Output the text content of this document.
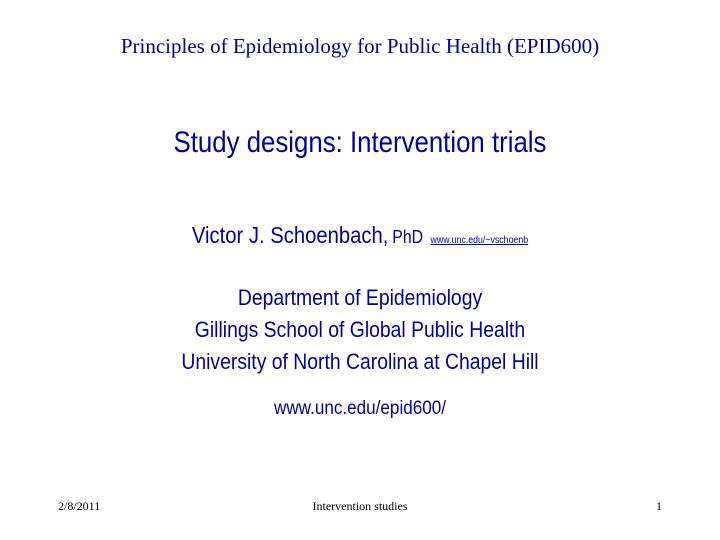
Principles of Epidemiology for Public Health (EPID600)
Study designs: Intervention trials
Victor J. Schoenbach, PhD www.unc.edu/~vschoenb
Department of Epidemiology
Gillings School of Global Public Health
University of North Carolina at Chapel Hill
www.unc.edu/epid600/
2/8/2011	Intervention studies	1
